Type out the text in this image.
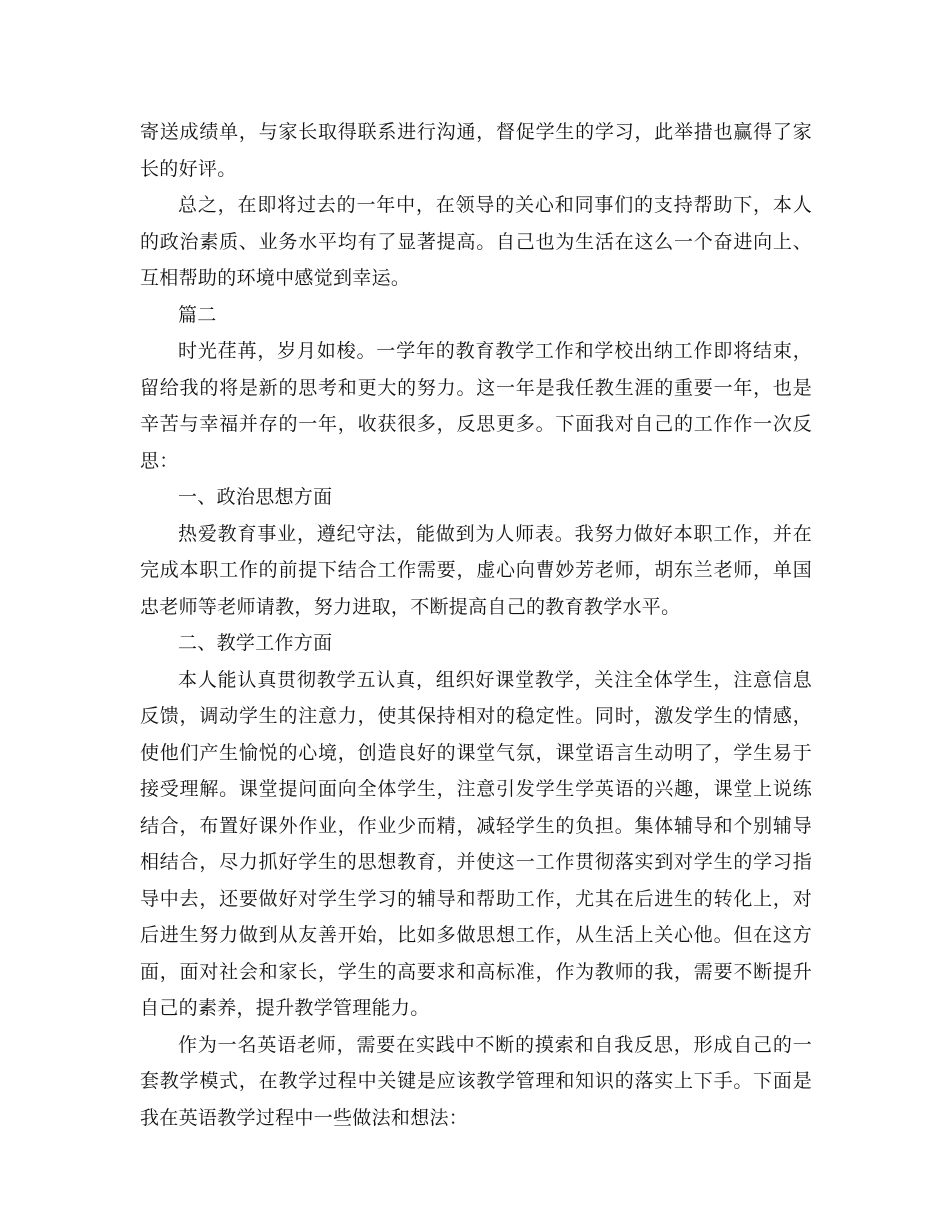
寄送成绩单，与家长取得联系进行沟通，督促学生的学习，此举措也赢得了家长的好评。

总之，在即将过去的一年中，在领导的关心和同事们的支持帮助下，本人的政治素质、业务水平均有了显著提高。自己也为生活在这么一个奋进向上、互相帮助的环境中感觉到幸运。

篇二

时光荏苒，岁月如梭。一学年的教育教学工作和学校出纳工作即将结束，留给我的将是新的思考和更大的努力。这一年是我任教生涯的重要一年，也是辛苦与幸福并存的一年，收获很多，反思更多。下面我对自己的工作作一次反思：

一、政治思想方面

热爱教育事业，遵纪守法，能做到为人师表。我努力做好本职工作，并在完成本职工作的前提下结合工作需要，虚心向曹妙芳老师，胡东兰老师，单国忠老师等老师请教，努力进取，不断提高自己的教育教学水平。

二、教学工作方面

本人能认真贯彻教学五认真，组织好课堂教学，关注全体学生，注意信息反馈，调动学生的注意力，使其保持相对的稳定性。同时，激发学生的情感，使他们产生愉悦的心境，创造良好的课堂气氛，课堂语言生动明了，学生易于接受理解。课堂提问面向全体学生，注意引发学生学英语的兴趣，课堂上说练结合，布置好课外作业，作业少而精，减轻学生的负担。集体辅导和个别辅导相结合，尽力抓好学生的思想教育，并使这一工作贯彻落实到对学生的学习指导中去，还要做好对学生学习的辅导和帮助工作，尤其在后进生的转化上，对后进生努力做到从友善开始，比如多做思想工作，从生活上关心他。但在这方面，面对社会和家长，学生的高要求和高标准，作为教师的我，需要不断提升自己的素养，提升教学管理能力。

作为一名英语老师，需要在实践中不断的摸索和自我反思，形成自己的一套教学模式，在教学过程中关键是应该教学管理和知识的落实上下手。下面是我在英语教学过程中一些做法和想法：
